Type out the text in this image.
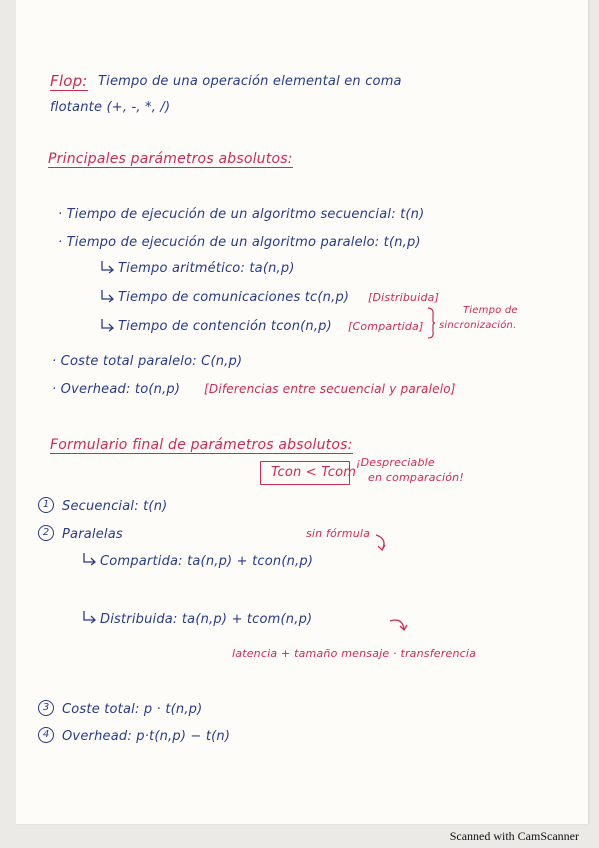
Flop: Tiempo de una operación elemental en coma
flotante (+, -, *, /)
Principales parámetros absolutos:
· Tiempo de ejecución de un algoritmo secuencial: t(n)
· Tiempo de ejecución de un algoritmo paralelo: t(n,p)
Tiempo aritmético: ta(n,p)
Tiempo de comunicaciones tc(n,p) [Distribuida]
Tiempo de contención tcon(n,p) [Compartida]
Tiempo de
sincronización.
· Coste total paralelo: C(n,p)
· Overhead: to(n,p) [Diferencias entre secuencial y paralelo]
Formulario final de parámetros absolutos:
Tcon < Tcom
¡Despreciable
en comparación!
1 Secuencial: t(n)
2 Paralelas	sin fórmula
Compartida: ta(n,p) + tcon(n,p)
Distribuida: ta(n,p) + tcom(n,p)
latencia + tamaño mensaje · transferencia
3 Coste total: p · t(n,p)
4 Overhead: p·t(n,p) − t(n)
Scanned with CamScanner
